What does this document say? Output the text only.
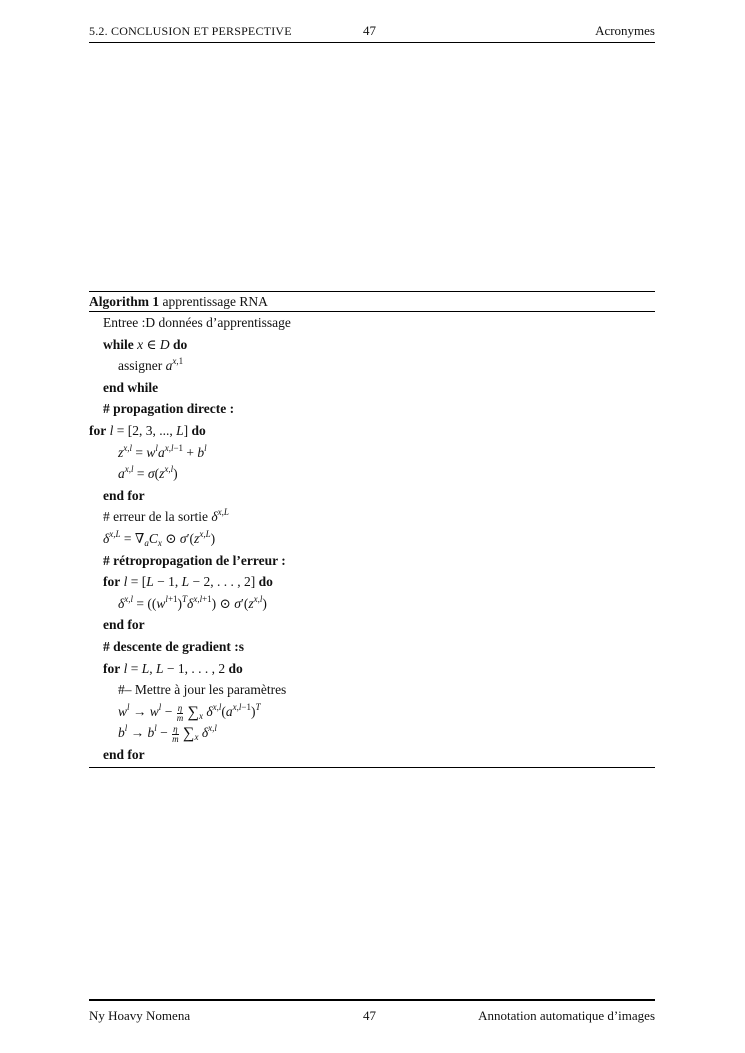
5.2. CONCLUSION ET PERSPECTIVE	47	Acronymes
Algorithm 1 apprentissage RNA
Entree :D données d’apprentissage
while x ∈ D do
assigner $a^{x,1}$
end while
# propagation directe :
for l = [2, 3, ..., L] do
$z^{x,l} = w^la^{x,l-1} + b^l$
$a^{x,l} = \sigma(z^{x,l})$
end for
# erreur de la sortie $\delta^{x,L}$
$\delta^{x,L} = \nabla_aC_x$ ⊙ $\sigma'(z^{x,L})$
# rétropropagation de l’erreur :
for l = [L − 1, L − 2, . . . , 2] do
$\delta^{x,l} = ((w^{l+1})^T\delta^{x,l+1})$ ⊙ $\sigma'(z^{x,l})$
end for
# descente de gradient :s
for l = L, L − 1, . . . , 2 do
#– Mettre à jour les paramètres
$w^l \to w^l - \frac{\eta}{m} \sum_x$ $\delta^{x,l}(a^{x,l-1})^T$
$b^l \to b^l - \frac{\eta}{m} \sum_x$ $\delta^{x,l}$
end for
Ny Hoavy Nomena	47	Annotation automatique d’images
